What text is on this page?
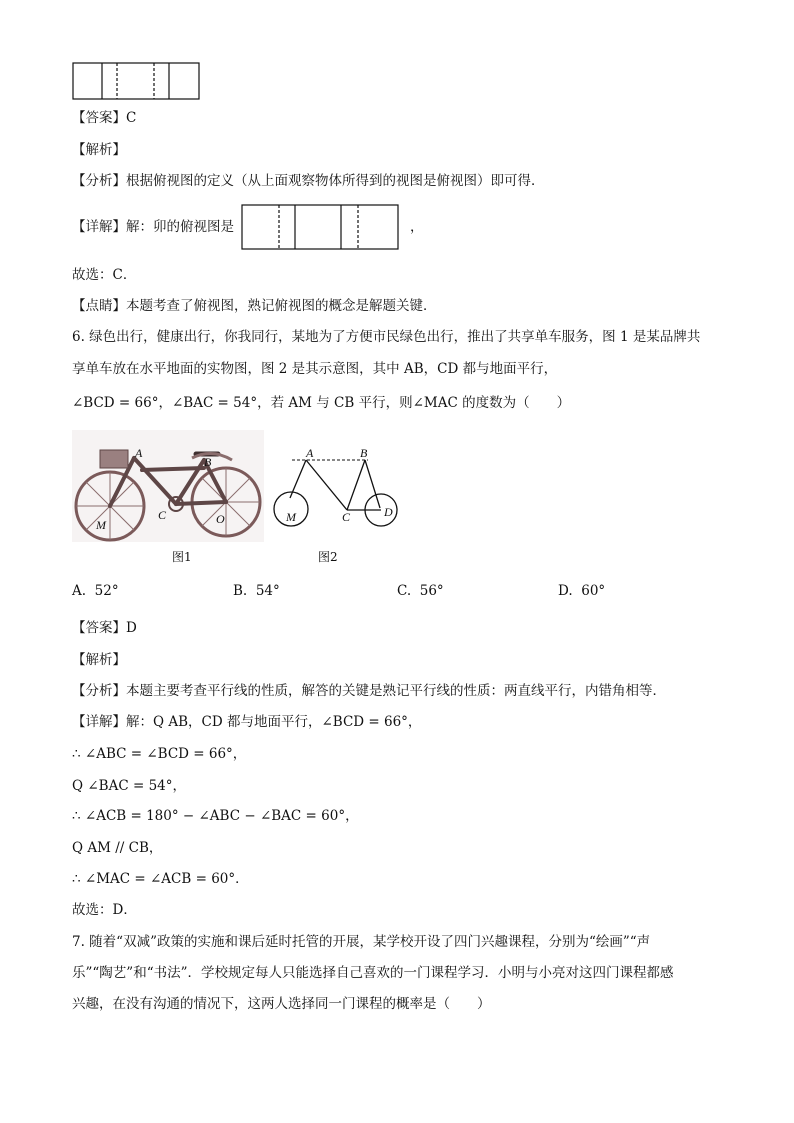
【答案】C
【解析】
【分析】根据俯视图的定义（从上面观察物体所得到的视图是俯视图）即可得．
【详解】解：卯的俯视图是	，
故选：C．
【点睛】本题考查了俯视图，熟记俯视图的概念是解题关键．
6. 绿色出行，健康出行，你我同行，某地为了方便市民绿色出行，推出了共享单车服务，图 1 是某品牌共
享单车放在水平地面的实物图，图 2 是其示意图，其中 AB，CD 都与地面平行，
∠BCD = 66°，∠BAC = 54°，若 AM 与 CB 平行，则∠MAC 的度数为（　　）
A
B
C	O
M
图1
A	B
M	C	D
图2
A. 52°	B. 54°	C. 56°	D. 60°
【答案】D
【解析】
【分析】本题主要考查平行线的性质，解答的关键是熟记平行线的性质：两直线平行，内错角相等．
【详解】解：Q AB，CD 都与地面平行，∠BCD = 66°，
∴ ∠ABC = ∠BCD = 66°，
Q ∠BAC = 54°，
∴ ∠ACB = 180° − ∠ABC − ∠BAC = 60°，
Q AM // CB，
∴ ∠MAC = ∠ACB = 60°．
故选：D．
7. 随着“双减”政策的实施和课后延时托管的开展，某学校开设了四门兴趣课程，分别为“绘画”“声
乐”“陶艺”和“书法”．学校规定每人只能选择自己喜欢的一门课程学习．小明与小亮对这四门课程都感
兴趣，在没有沟通的情况下，这两人选择同一门课程的概率是（　　）
